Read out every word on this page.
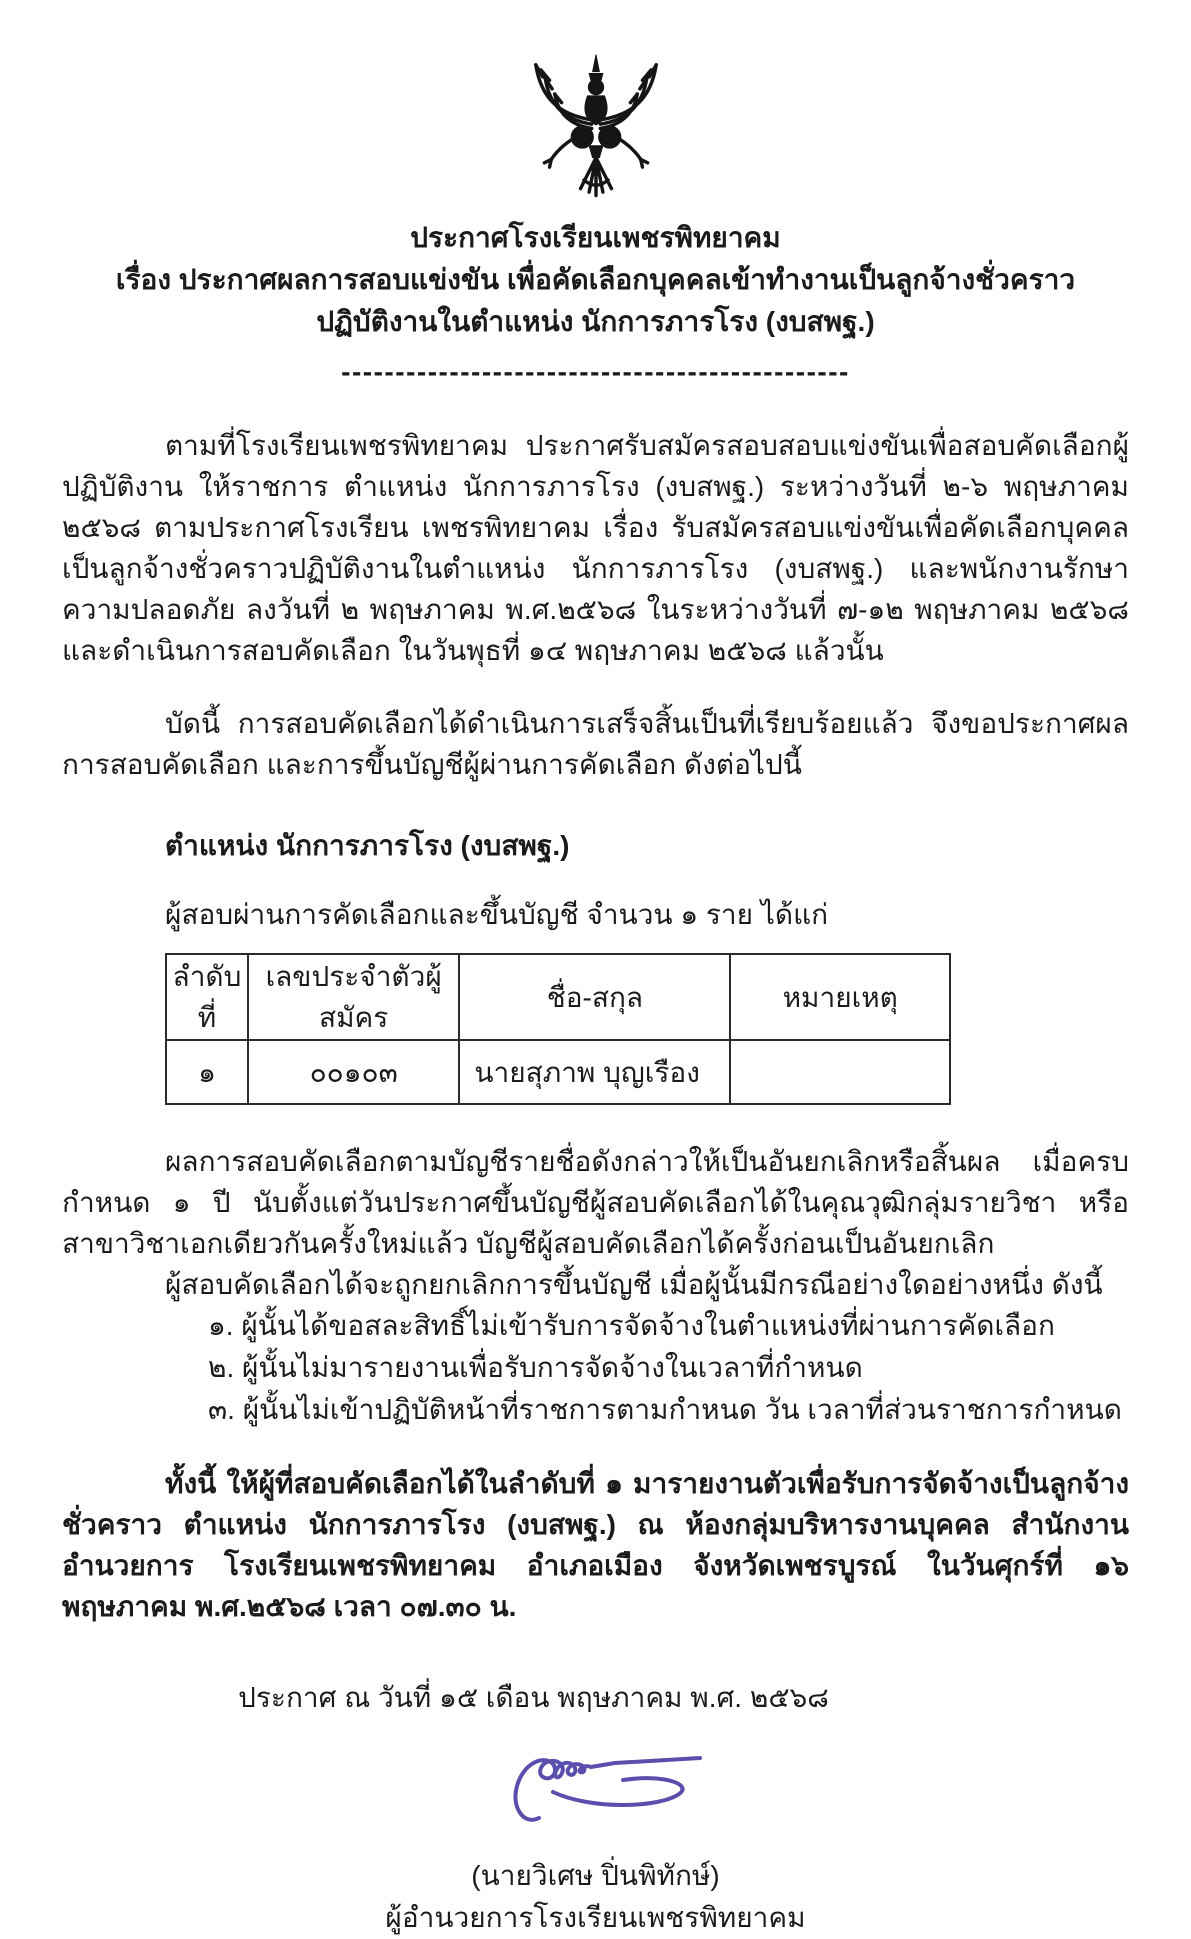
ประกาศโรงเรียนเพชรพิทยาคม

เรื่อง ประกาศผลการสอบแข่งขัน เพื่อคัดเลือกบุคคลเข้าทำงานเป็นลูกจ้างชั่วคราว

ปฏิบัติงานในตำแหน่ง นักการภารโรง (งบสพฐ.)

-----------------------------------------------

ตามที่โรงเรียนเพชรพิทยาคม ประกาศรับสมัครสอบสอบแข่งขันเพื่อสอบคัดเลือกผู้ปฏิบัติงาน ให้ราชการ ตำแหน่ง นักการภารโรง (งบสพฐ.) ระหว่างวันที่ ๒-๖ พฤษภาคม ๒๕๖๘ ตามประกาศโรงเรียน เพชรพิทยาคม เรื่อง รับสมัครสอบแข่งขันเพื่อคัดเลือกบุคคลเป็นลูกจ้างชั่วคราวปฏิบัติงานในตำแหน่ง นักการภารโรง (งบสพฐ.) และพนักงานรักษาความปลอดภัย ลงวันที่ ๒ พฤษภาคม พ.ศ.๒๕๖๘ ในระหว่างวันที่ ๗-๑๒ พฤษภาคม ๒๕๖๘ และดำเนินการสอบคัดเลือก ในวันพุธที่ ๑๔ พฤษภาคม ๒๕๖๘ แล้วนั้น

บัดนี้ การสอบคัดเลือกได้ดำเนินการเสร็จสิ้นเป็นที่เรียบร้อยแล้ว จึงขอประกาศผลการสอบคัดเลือก และการขึ้นบัญชีผู้ผ่านการคัดเลือก ดังต่อไปนี้

ตำแหน่ง นักการภารโรง (งบสพฐ.)

ผู้สอบผ่านการคัดเลือกและขึ้นบัญชี จำนวน ๑ ราย ได้แก่

ลำดับที่	เลขประจำตัวผู้สมัคร	ชื่อ-สกุล	หมายเหตุ
๑	๐๐๑๐๓	นายสุภาพ บุญเรือง	

ผลการสอบคัดเลือกตามบัญชีรายชื่อดังกล่าวให้เป็นอันยกเลิกหรือสิ้นผล เมื่อครบกำหนด ๑ ปี นับตั้งแต่วันประกาศขึ้นบัญชีผู้สอบคัดเลือกได้ในคุณวุฒิกลุ่มรายวิชา หรือสาขาวิชาเอกเดียวกันครั้งใหม่แล้ว บัญชีผู้สอบคัดเลือกได้ครั้งก่อนเป็นอันยกเลิก

ผู้สอบคัดเลือกได้จะถูกยกเลิกการขึ้นบัญชี เมื่อผู้นั้นมีกรณีอย่างใดอย่างหนึ่ง ดังนี้

๑. ผู้นั้นได้ขอสละสิทธิ์ไม่เข้ารับการจัดจ้างในตำแหน่งที่ผ่านการคัดเลือก

๒. ผู้นั้นไม่มารายงานเพื่อรับการจัดจ้างในเวลาที่กำหนด

๓. ผู้นั้นไม่เข้าปฏิบัติหน้าที่ราชการตามกำหนด วัน เวลาที่ส่วนราชการกำหนด

ทั้งนี้ ให้ผู้ที่สอบคัดเลือกได้ในลำดับที่ ๑ มารายงานตัวเพื่อรับการจัดจ้างเป็นลูกจ้างชั่วคราว ตำแหน่ง นักการภารโรง (งบสพฐ.) ณ ห้องกลุ่มบริหารงานบุคคล สำนักงานอำนวยการ โรงเรียนเพชรพิทยาคม อำเภอเมือง จังหวัดเพชรบูรณ์ ในวันศุกร์ที่ ๑๖ พฤษภาคม พ.ศ.๒๕๖๘ เวลา ๐๗.๓๐ น.

ประกาศ ณ วันที่ ๑๕ เดือน พฤษภาคม พ.ศ. ๒๕๖๘

(นายวิเศษ ปิ่นพิทักษ์)

ผู้อำนวยการโรงเรียนเพชรพิทยาคม
